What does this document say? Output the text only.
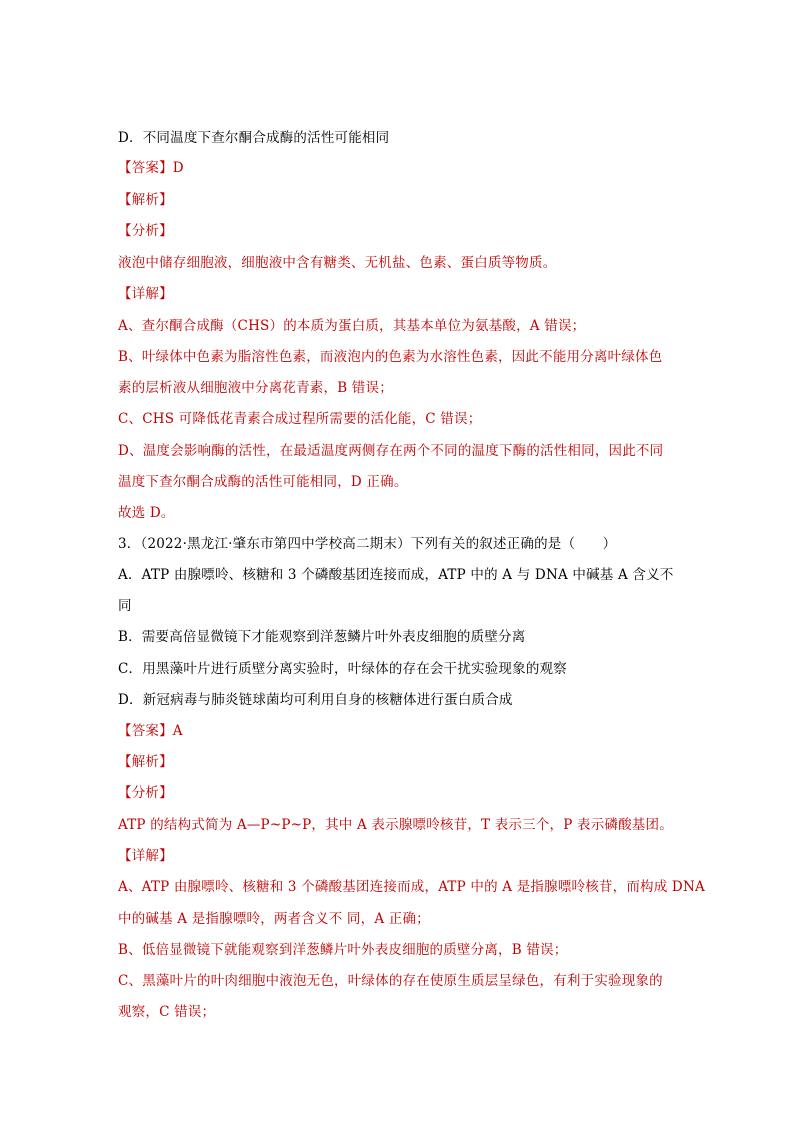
D．不同温度下查尔酮合成酶的活性可能相同

【答案】D

【解析】

【分析】

液泡中储存细胞液，细胞液中含有糖类、无机盐、色素、蛋白质等物质。

【详解】

A、查尔酮合成酶（CHS）的本质为蛋白质，其基本单位为氨基酸，A 错误；

B、叶绿体中色素为脂溶性色素，而液泡内的色素为水溶性色素，因此不能用分离叶绿体色

素的层析液从细胞液中分离花青素，B 错误；

C、CHS 可降低花青素合成过程所需要的活化能，C 错误；

D、温度会影响酶的活性，在最适温度两侧存在两个不同的温度下酶的活性相同，因此不同

温度下查尔酮合成酶的活性可能相同，D 正确。

故选 D。

3．（2022·黑龙江·肇东市第四中学校高二期末）下列有关的叙述正确的是（　　）

A．ATP 由腺嘌呤、核糖和 3 个磷酸基团连接而成，ATP 中的 A 与 DNA 中碱基 A 含义不

同

B．需要高倍显微镜下才能观察到洋葱鳞片叶外表皮细胞的质壁分离

C．用黑藻叶片进行质壁分离实验时，叶绿体的存在会干扰实验现象的观察

D．新冠病毒与肺炎链球菌均可利用自身的核糖体进行蛋白质合成

【答案】A

【解析】

【分析】

ATP 的结构式简为 A—P~P~P，其中 A 表示腺嘌呤核苷，T 表示三个，P 表示磷酸基团。

【详解】

A、ATP 由腺嘌呤、核糖和 3 个磷酸基团连接而成，ATP 中的 A 是指腺嘌呤核苷，而构成 DNA

中的碱基 A 是指腺嘌呤，两者含义不 同，A 正确；

B、低倍显微镜下就能观察到洋葱鳞片叶外表皮细胞的质壁分离，B 错误；

C、黑藻叶片的叶肉细胞中液泡无色，叶绿体的存在使原生质层呈绿色，有利于实验现象的

观察，C 错误；
